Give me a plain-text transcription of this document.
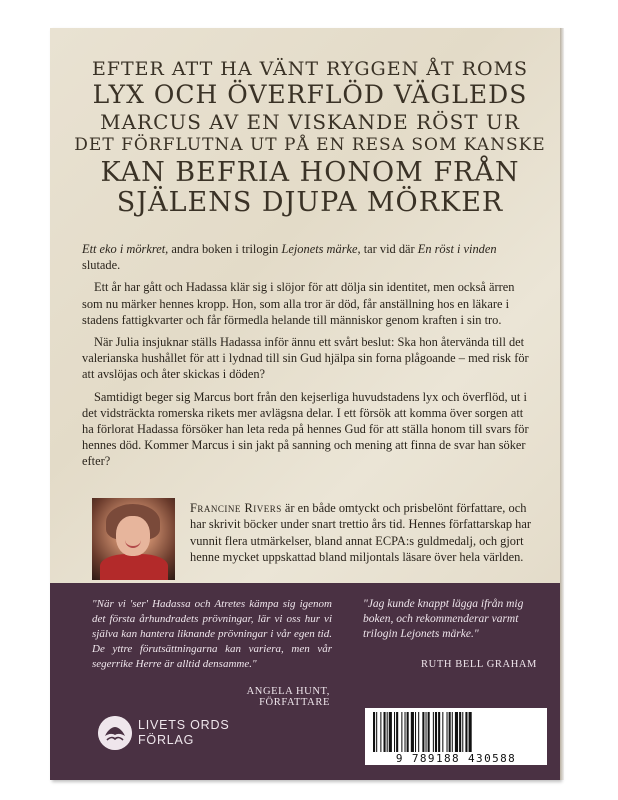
EFTER ATT HA VÄNT RYGGEN ÅT ROMS
LYX OCH ÖVERFLÖD VÄGLEDS
MARCUS AV EN VISKANDE RÖST UR
DET FÖRFLUTNA UT PÅ EN RESA SOM KANSKE
KAN BEFRIA HONOM FRÅN
SJÄLENS DJUPA MÖRKER

Ett eko i mörkret, andra boken i trilogin Lejonets märke, tar vid där En röst i vinden slutade.

Ett år har gått och Hadassa klär sig i slöjor för att dölja sin identitet, men också ärren som nu märker hennes kropp. Hon, som alla tror är död, får anställning hos en läkare i stadens fattigkvarter och får förmedla helande till människor genom kraften i sin tro.

När Julia insjuknar ställs Hadassa inför ännu ett svårt beslut: Ska hon återvända till det valerianska hushållet för att i lydnad till sin Gud hjälpa sin forna plågoande – med risk för att avslöjas och åter skickas i döden?

Samtidigt beger sig Marcus bort från den kejserliga huvudstadens lyx och överflöd, ut i det vidsträckta romerska rikets mer avlägsna delar. I ett försök att komma över sorgen att ha förlorat Hadassa försöker han leta reda på hennes Gud för att ställa honom till svars för hennes död. Kommer Marcus i sin jakt på sanning och mening att finna de svar han söker efter?

Francine Rivers är en både omtyckt och prisbelönt författare, och har skrivit böcker under snart trettio års tid. Hennes författarskap har vunnit flera utmärkelser, bland annat ECPA:s guldmedalj, och gjort henne mycket uppskattad bland miljontals läsare över hela världen.
"När vi 'ser' Hadassa och Atretes kämpa sig igenom det första århundradets prövningar, lär vi oss hur vi själva kan hantera liknande prövningar i vår egen tid. De yttre förutsättningarna kan variera, men vår segerrike Herre är alltid densamme."
ANGELA HUNT, FÖRFATTARE
"Jag kunde knappt lägga ifrån mig boken, och rekommenderar varmt trilogin Lejonets märke."
RUTH BELL GRAHAM
LIVETS ORDS
FÖRLAG
9 789188 430588
